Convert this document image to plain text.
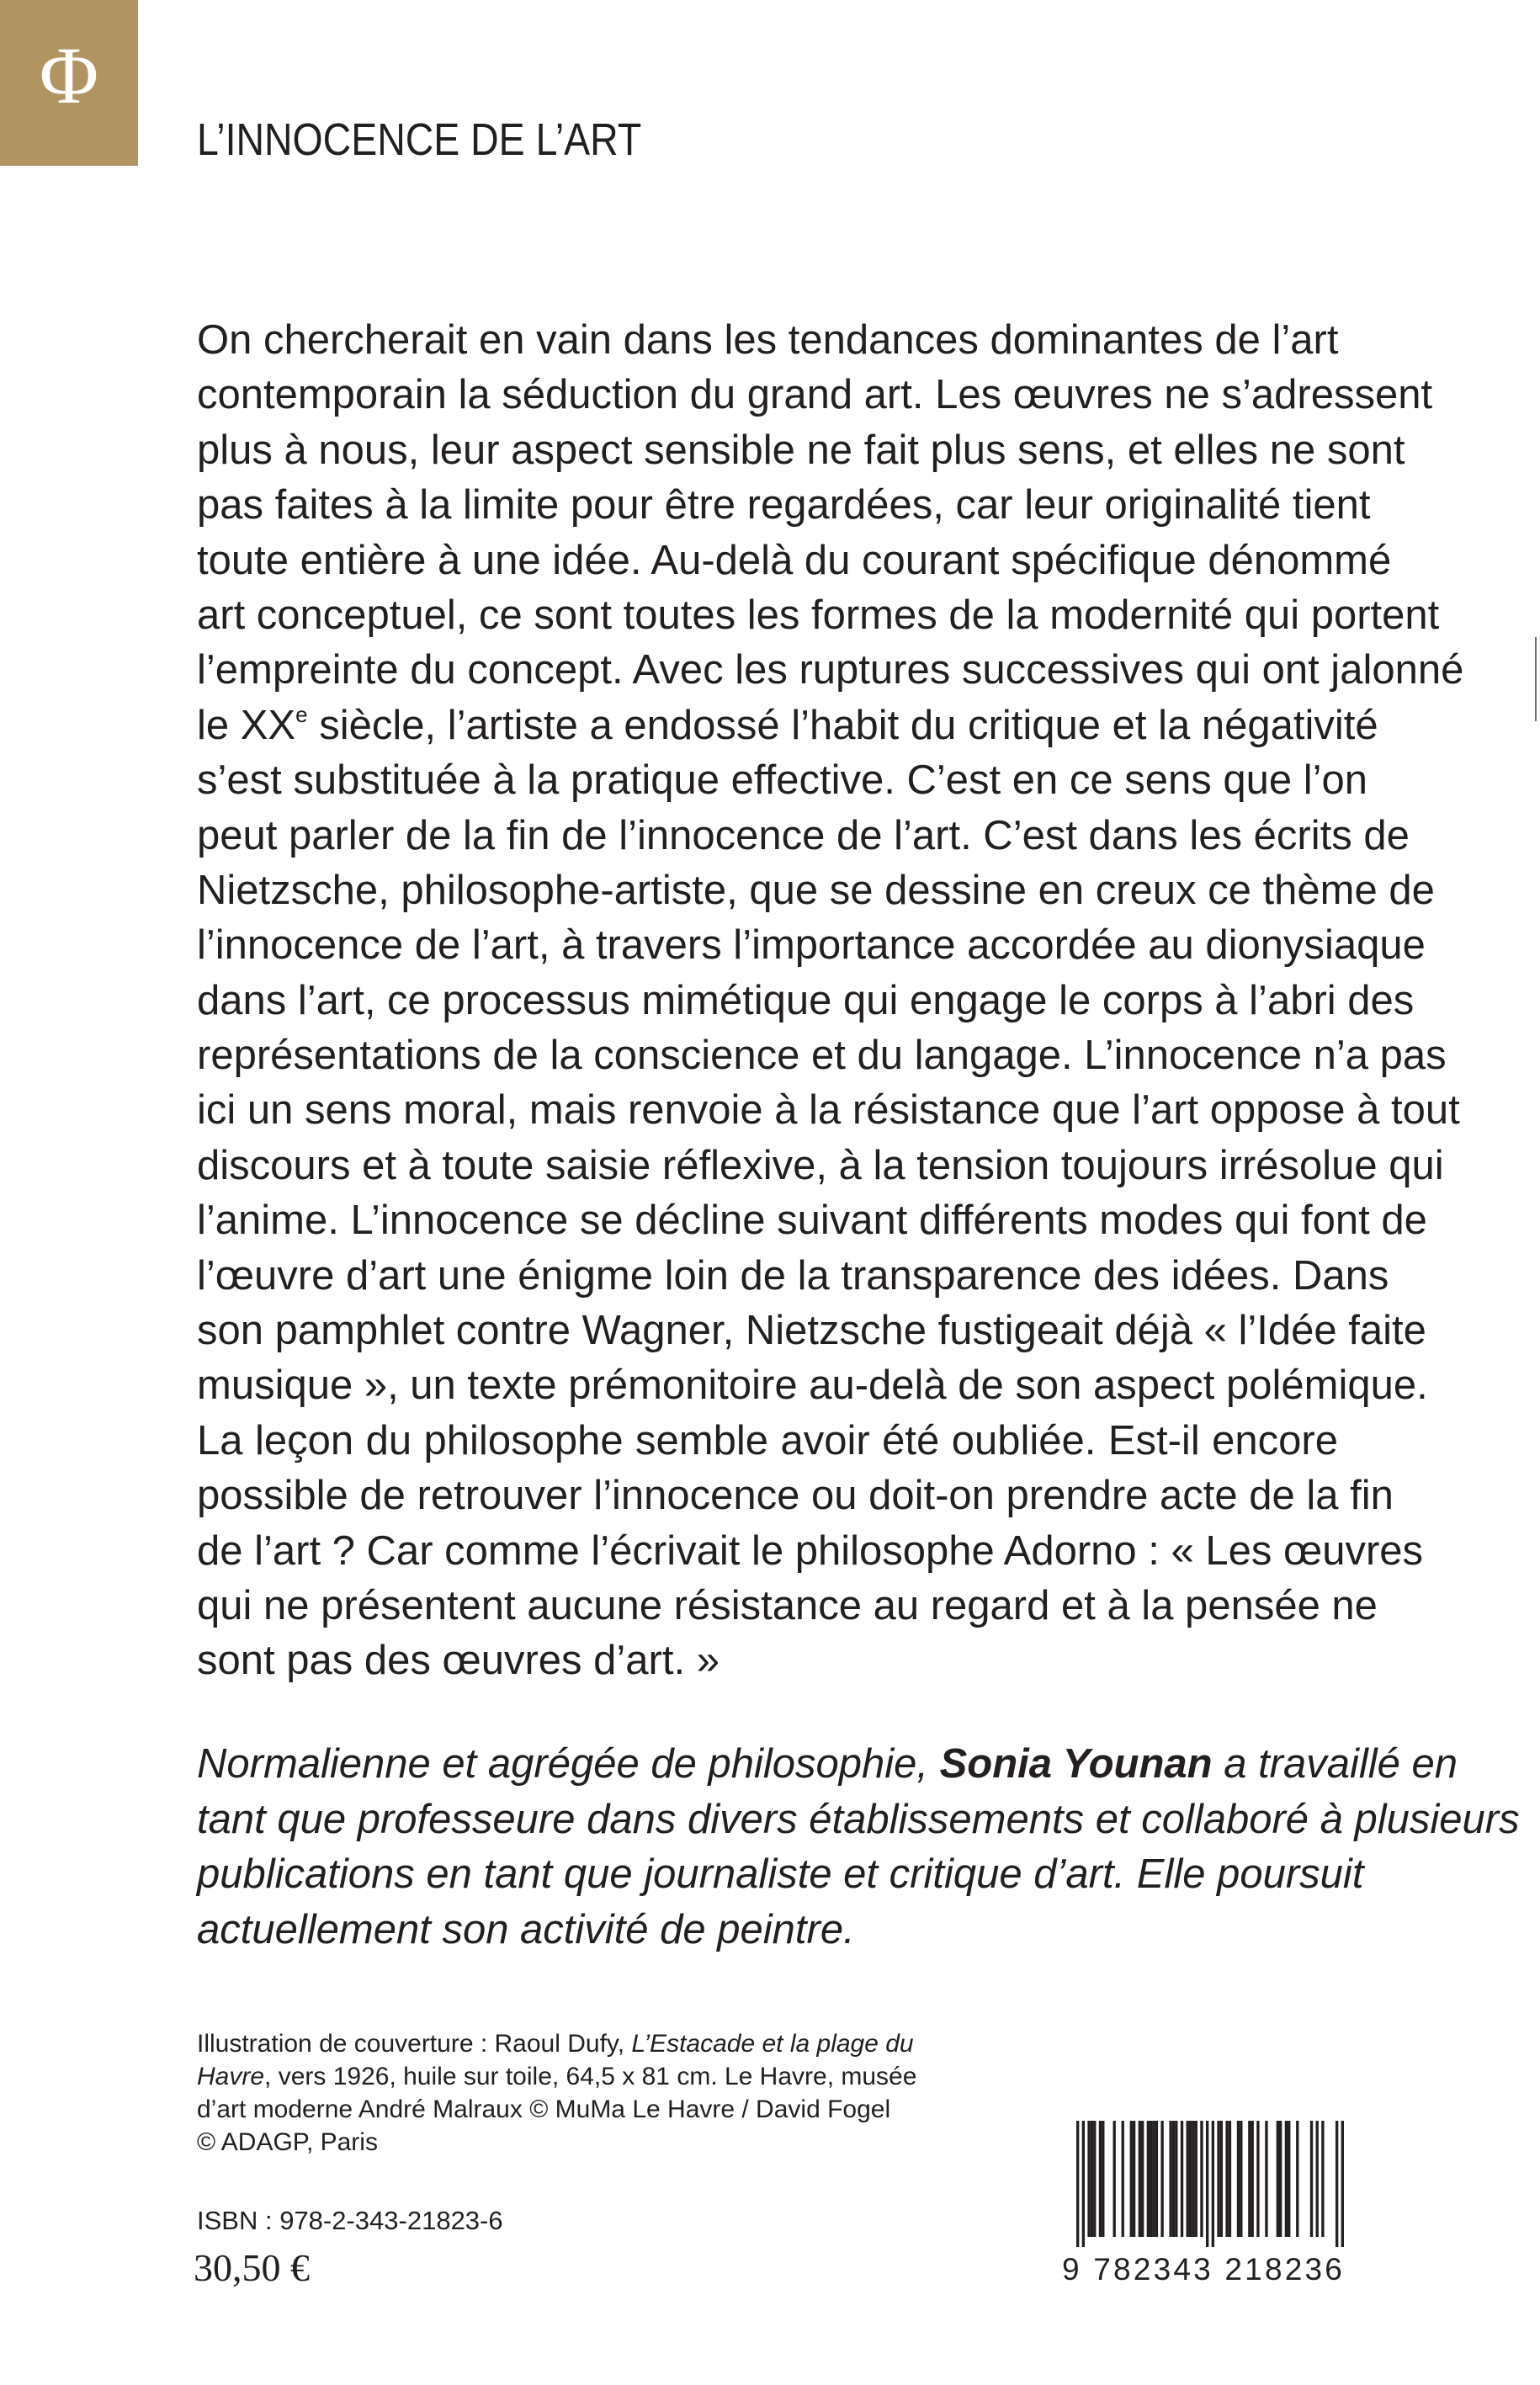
Φ
L’INNOCENCE DE L’ART
On chercherait en vain dans les tendances dominantes de l’art
contemporain la séduction du grand art. Les œuvres ne s’adressent
plus à nous, leur aspect sensible ne fait plus sens, et elles ne sont
pas faites à la limite pour être regardées, car leur originalité tient
toute entière à une idée. Au-delà du courant spécifique dénommé
art conceptuel, ce sont toutes les formes de la modernité qui portent
l’empreinte du concept. Avec les ruptures successives qui ont jalonné
le XXe siècle, l’artiste a endossé l’habit du critique et la négativité
s’est substituée à la pratique effective. C’est en ce sens que l’on
peut parler de la fin de l’innocence de l’art. C’est dans les écrits de
Nietzsche, philosophe-artiste, que se dessine en creux ce thème de
l’innocence de l’art, à travers l’importance accordée au dionysiaque
dans l’art, ce processus mimétique qui engage le corps à l’abri des
représentations de la conscience et du langage. L’innocence n’a pas
ici un sens moral, mais renvoie à la résistance que l’art oppose à tout
discours et à toute saisie réflexive, à la tension toujours irrésolue qui
l’anime. L’innocence se décline suivant différents modes qui font de
l’œuvre d’art une énigme loin de la transparence des idées. Dans
son pamphlet contre Wagner, Nietzsche fustigeait déjà « l’Idée faite
musique », un texte prémonitoire au-delà de son aspect polémique.
La leçon du philosophe semble avoir été oubliée. Est-il encore
possible de retrouver l’innocence ou doit-on prendre acte de la fin
de l’art ? Car comme l’écrivait le philosophe Adorno : « Les œuvres
qui ne présentent aucune résistance au regard et à la pensée ne
sont pas des œuvres d’art. »
Normalienne et agrégée de philosophie, Sonia Younan a travaillé en
tant que professeure dans divers établissements et collaboré à plusieurs
publications en tant que journaliste et critique d’art. Elle poursuit
actuellement son activité de peintre.
Illustration de couverture : Raoul Dufy, L’Estacade et la plage du
Havre, vers 1926, huile sur toile, 64,5 x 81 cm. Le Havre, musée
d’art moderne André Malraux © MuMa Le Havre / David Fogel
© ADAGP, Paris
ISBN : 978-2-343-21823-6
30,50 €	9 782343 218236
